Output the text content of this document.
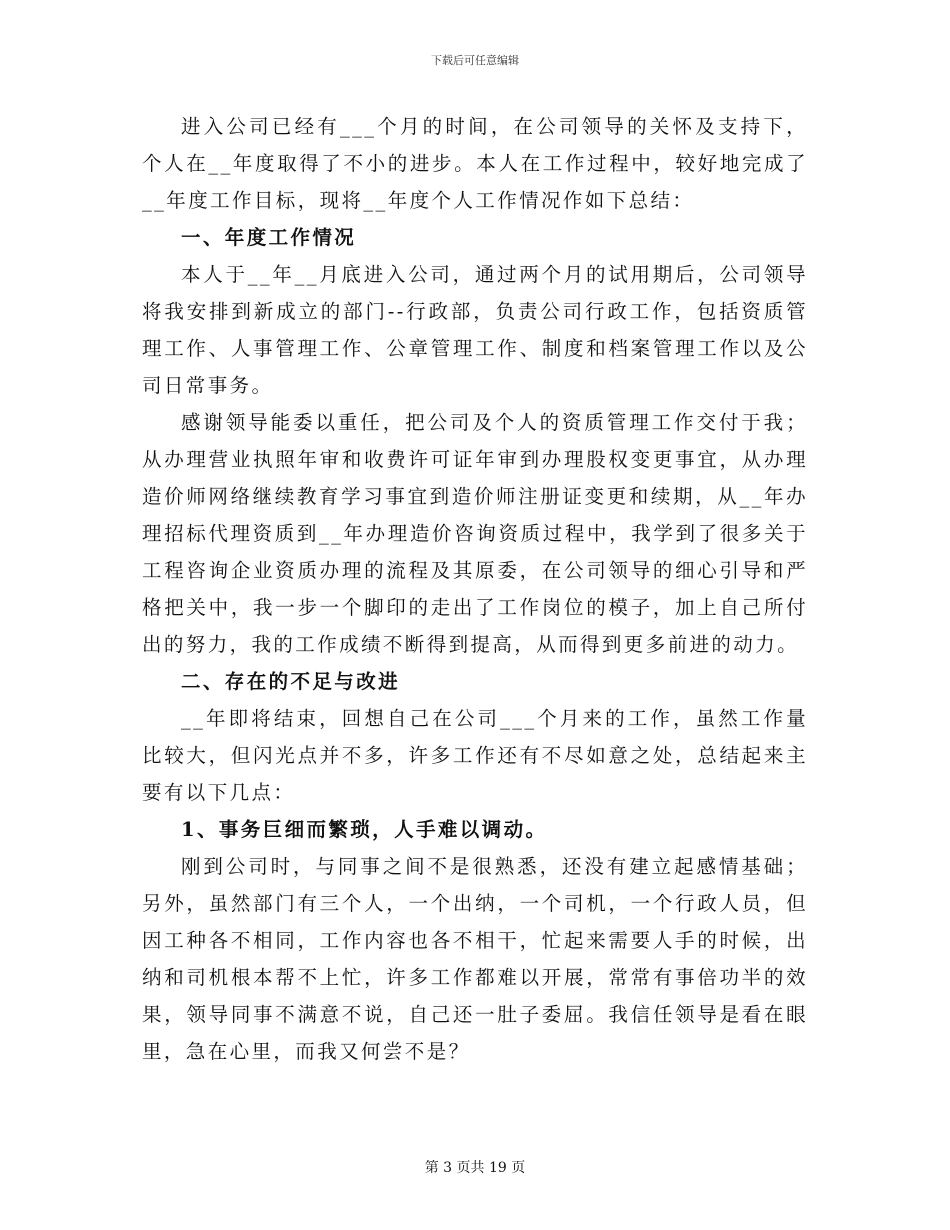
下载后可任意编辑

进入公司已经有___个月的时间，在公司领导的关怀及支持下，个人在__年度取得了不小的进步。本人在工作过程中，较好地完成了__年度工作目标，现将__年度个人工作情况作如下总结：

一、年度工作情况

本人于__年__月底进入公司，通过两个月的试用期后，公司领导将我安排到新成立的部门--行政部，负责公司行政工作，包括资质管理工作、人事管理工作、公章管理工作、制度和档案管理工作以及公司日常事务。

感谢领导能委以重任，把公司及个人的资质管理工作交付于我；从办理营业执照年审和收费许可证年审到办理股权变更事宜，从办理造价师网络继续教育学习事宜到造价师注册证变更和续期，从__年办理招标代理资质到__年办理造价咨询资质过程中，我学到了很多关于工程咨询企业资质办理的流程及其原委，在公司领导的细心引导和严格把关中，我一步一个脚印的走出了工作岗位的模子，加上自己所付出的努力，我的工作成绩不断得到提高，从而得到更多前进的动力。

二、存在的不足与改进

__年即将结束，回想自己在公司___个月来的工作，虽然工作量比较大，但闪光点并不多，许多工作还有不尽如意之处，总结起来主要有以下几点：

1、事务巨细而繁琐，人手难以调动。

刚到公司时，与同事之间不是很熟悉，还没有建立起感情基础；另外，虽然部门有三个人，一个出纳，一个司机，一个行政人员，但因工种各不相同，工作内容也各不相干，忙起来需要人手的时候，出纳和司机根本帮不上忙，许多工作都难以开展，常常有事倍功半的效果，领导同事不满意不说，自己还一肚子委屈。我信任领导是看在眼里，急在心里，而我又何尝不是？

第 3 页共 19 页
